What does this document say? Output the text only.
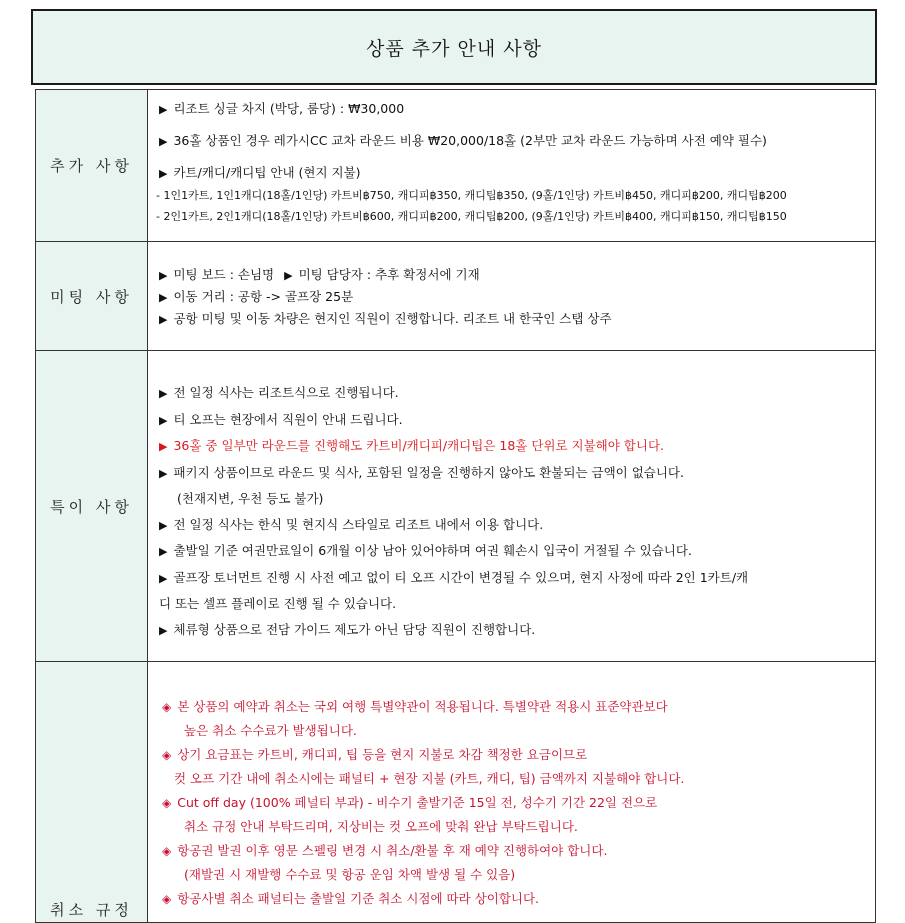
상품 추가 안내 사항
추가 사항
▶ 리조트 싱글 차지 (박당, 룸당) : ₩30,000
▶ 36홀 상품인 경우 레가시CC 교차 라운드 비용 ₩20,000/18홀 (2부만 교차 라운드 가능하며 사전 예약 필수)
▶ 카트/캐디/캐디팁 안내 (현지 지불)
- 1인1카트, 1인1캐디(18홀/1인당) 카트비฿750, 캐디피฿350, 캐디팁฿350, (9홀/1인당) 카트비฿450, 캐디피฿200, 캐디팁฿200
- 2인1카트, 2인1캐디(18홀/1인당) 카트비฿600, 캐디피฿200, 캐디팁฿200, (9홀/1인당) 카트비฿400, 캐디피฿150, 캐디팁฿150
미팅 사항
▶ 미팅 보드 : 손님명 ▶ 미팅 담당자 : 추후 확정서에 기재
▶ 이동 거리 : 공항 -> 골프장 25분
▶ 공항 미팅 및 이동 차량은 현지인 직원이 진행합니다. 리조트 내 한국인 스탭 상주
특이 사항
▶ 전 일정 식사는 리조트식으로 진행됩니다.
▶ 티 오프는 현장에서 직원이 안내 드립니다.
▶ 36홀 중 일부만 라운드를 진행해도 카트비/캐디피/캐디팁은 18홀 단위로 지불해야 합니다.
▶ 패키지 상품이므로 라운드 및 식사, 포함된 일정을 진행하지 않아도 환불되는 금액이 없습니다.
(천재지변, 우천 등도 불가)
▶ 전 일정 식사는 한식 및 현지식 스타일로 리조트 내에서 이용 합니다.
▶ 출발일 기준 여권만료일이 6개월 이상 남아 있어야하며 여권 훼손시 입국이 거절될 수 있습니다.
▶ 골프장 토너먼트 진행 시 사전 예고 없이 티 오프 시간이 변경될 수 있으며, 현지 사정에 따라 2인 1카트/캐
디 또는 셀프 플레이로 진행 될 수 있습니다.
▶ 체류형 상품으로 전담 가이드 제도가 아닌 담당 직원이 진행합니다.
취소 규정
◈ 본 상품의 예약과 취소는 국외 여행 특별약관이 적용됩니다. 특별약관 적용시 표준약관보다
높은 취소 수수료가 발생됩니다.
◈ 상기 요금표는 카트비, 캐디피, 팁 등을 현지 지불로 차감 책정한 요금이므로
컷 오프 기간 내에 취소시에는 패널티 + 현장 지불 (카트, 캐디, 팁) 금액까지 지불해야 합니다.
◈ Cut off day (100% 페널티 부과) - 비수기 출발기준 15일 전, 성수기 기간 22일 전으로
취소 규정 안내 부탁드리며, 지상비는 컷 오프에 맞춰 완납 부탁드립니다.
◈ 항공권 발권 이후 영문 스펠링 변경 시 취소/환불 후 재 예약 진행하여야 합니다.
(재발권 시 재발행 수수료 및 항공 운임 차액 발생 될 수 있음)
◈ 항공사별 취소 패널티는 출발일 기준 취소 시점에 따라 상이합니다.
